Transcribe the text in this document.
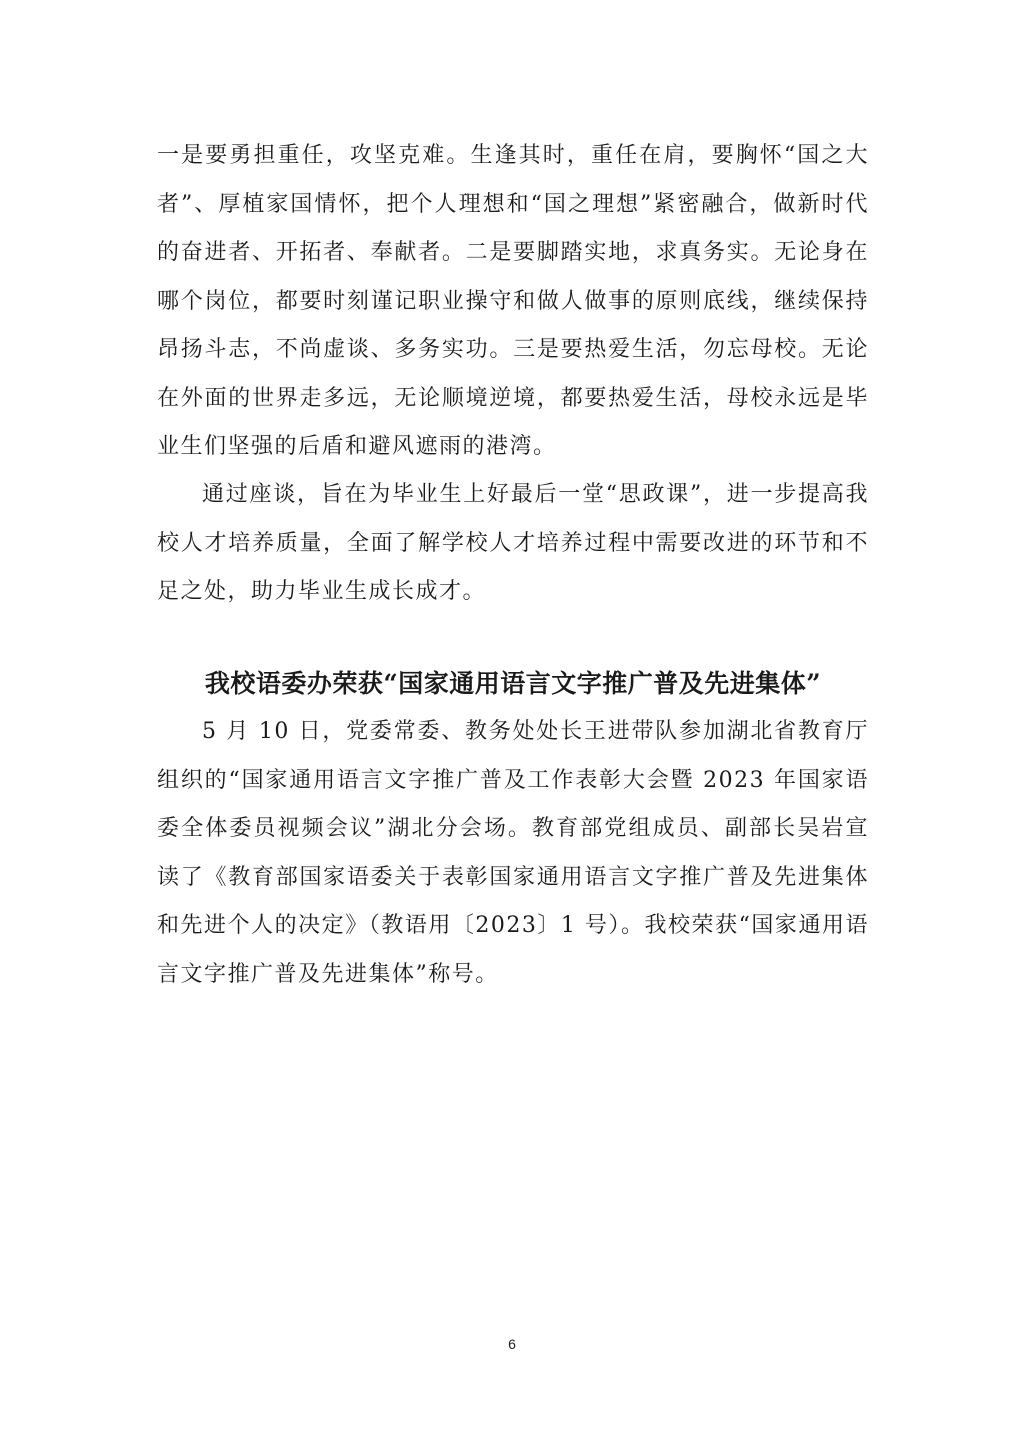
一是要勇担重任，攻坚克难。生逢其时，重任在肩，要胸怀“国之大者”、厚植家国情怀，把个人理想和“国之理想”紧密融合，做新时代的奋进者、开拓者、奉献者。二是要脚踏实地，求真务实。无论身在哪个岗位，都要时刻谨记职业操守和做人做事的原则底线，继续保持昂扬斗志，不尚虚谈、多务实功。三是要热爱生活，勿忘母校。无论在外面的世界走多远，无论顺境逆境，都要热爱生活，母校永远是毕业生们坚强的后盾和避风遮雨的港湾。

通过座谈，旨在为毕业生上好最后一堂“思政课”，进一步提高我校人才培养质量，全面了解学校人才培养过程中需要改进的环节和不足之处，助力毕业生成长成才。

我校语委办荣获“国家通用语言文字推广普及先进集体”

5 月 10 日，党委常委、教务处处长王进带队参加湖北省教育厅组织的“国家通用语言文字推广普及工作表彰大会暨 2023 年国家语委全体委员视频会议”湖北分会场。教育部党组成员、副部长吴岩宣读了《教育部国家语委关于表彰国家通用语言文字推广普及先进集体和先进个人的决定》（教语用〔2023〕1 号）。我校荣获“国家通用语言文字推广普及先进集体”称号。

6
